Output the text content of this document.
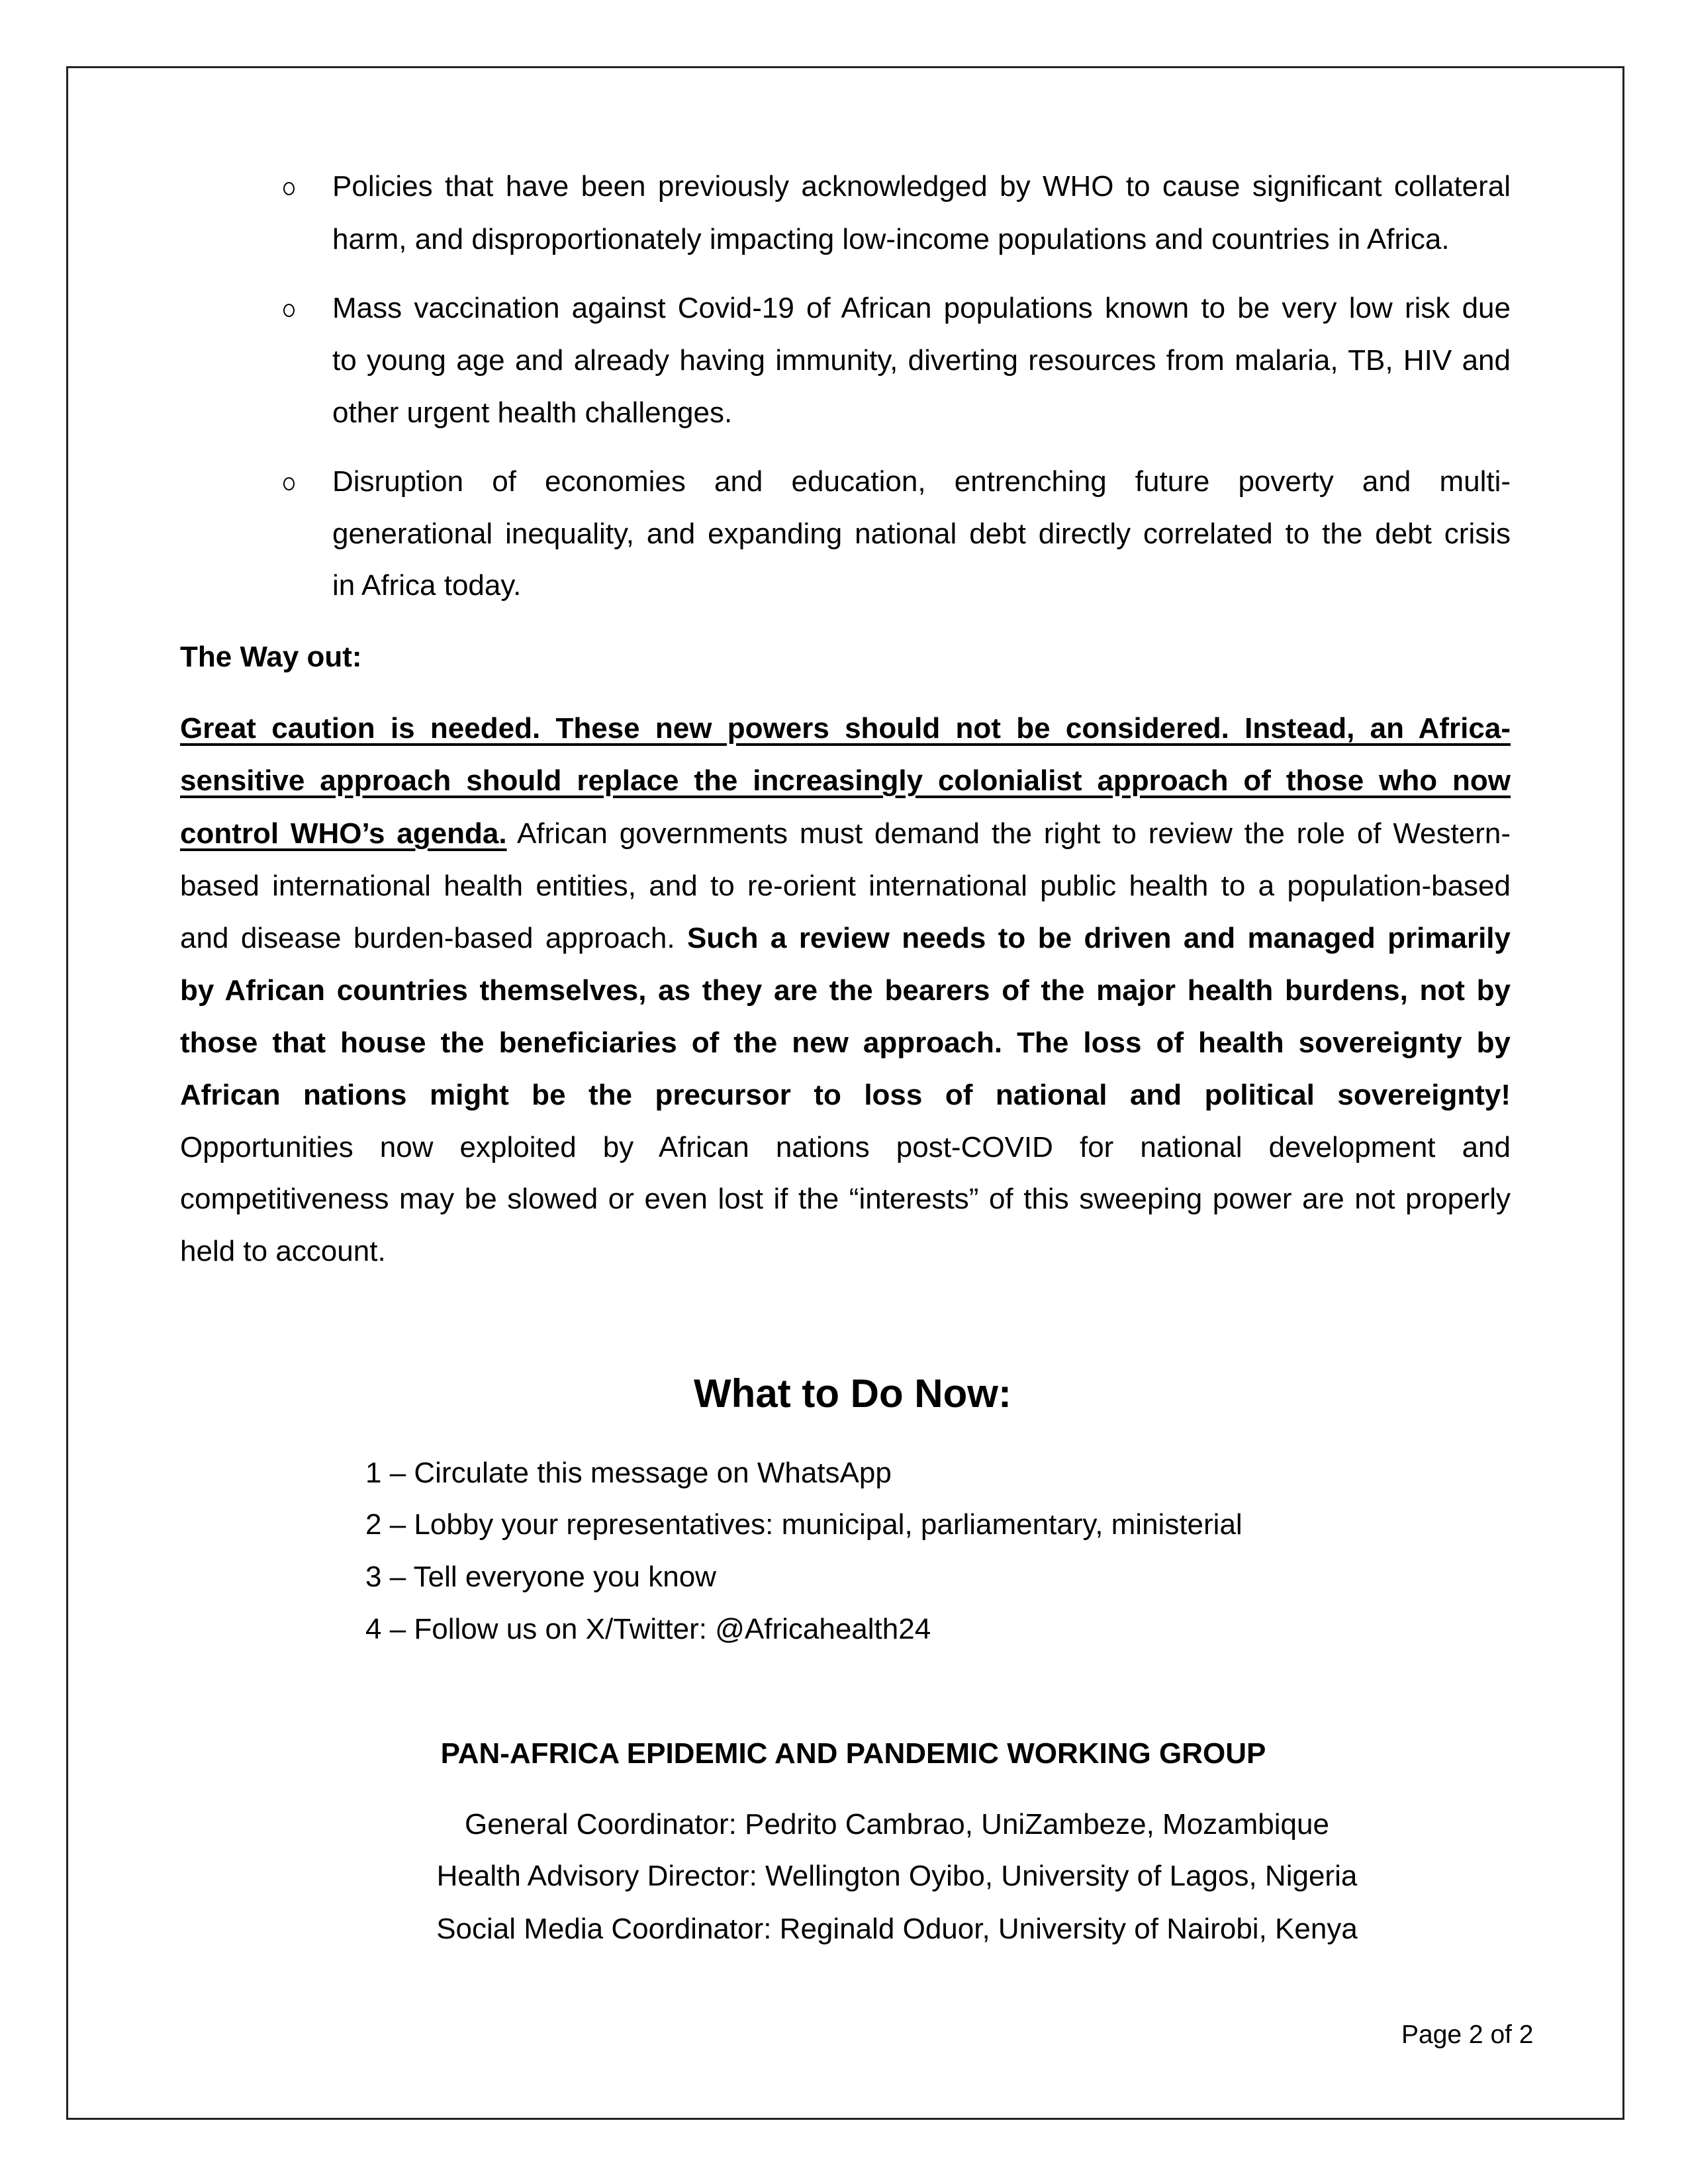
Policies that have been previously acknowledged by WHO to cause significant collateral
harm, and disproportionately impacting low-income populations and countries in Africa.
Mass vaccination against Covid-19 of African populations known to be very low risk due
to young age and already having immunity, diverting resources from malaria, TB, HIV and
other urgent health challenges.
Disruption of economies and education, entrenching future poverty and multi-
generational inequality, and expanding national debt directly correlated to the debt crisis
in Africa today.
The Way out:
Great caution is needed. These new powers should not be considered. Instead, an Africa-
sensitive approach should replace the increasingly colonialist approach of those who now
control WHO’s agenda. African governments must demand the right to review the role of Western-
based international health entities, and to re-orient international public health to a population-based
and disease burden-based approach. Such a review needs to be driven and managed primarily
by African countries themselves, as they are the bearers of the major health burdens, not by
those that house the beneficiaries of the new approach. The loss of health sovereignty by
African nations might be the precursor to loss of national and political sovereignty!
Opportunities now exploited by African nations post-COVID for national development and
competitiveness may be slowed or even lost if the “interests” of this sweeping power are not properly
held to account.
What to Do Now:
1 – Circulate this message on WhatsApp
2 – Lobby your representatives: municipal, parliamentary, ministerial
3 – Tell everyone you know
4 – Follow us on X/Twitter: @Africahealth24
PAN-AFRICA EPIDEMIC AND PANDEMIC WORKING GROUP
General Coordinator: Pedrito Cambrao, UniZambeze, Mozambique
Health Advisory Director: Wellington Oyibo, University of Lagos, Nigeria
Social Media Coordinator: Reginald Oduor, University of Nairobi, Kenya
Page 2 of 2
